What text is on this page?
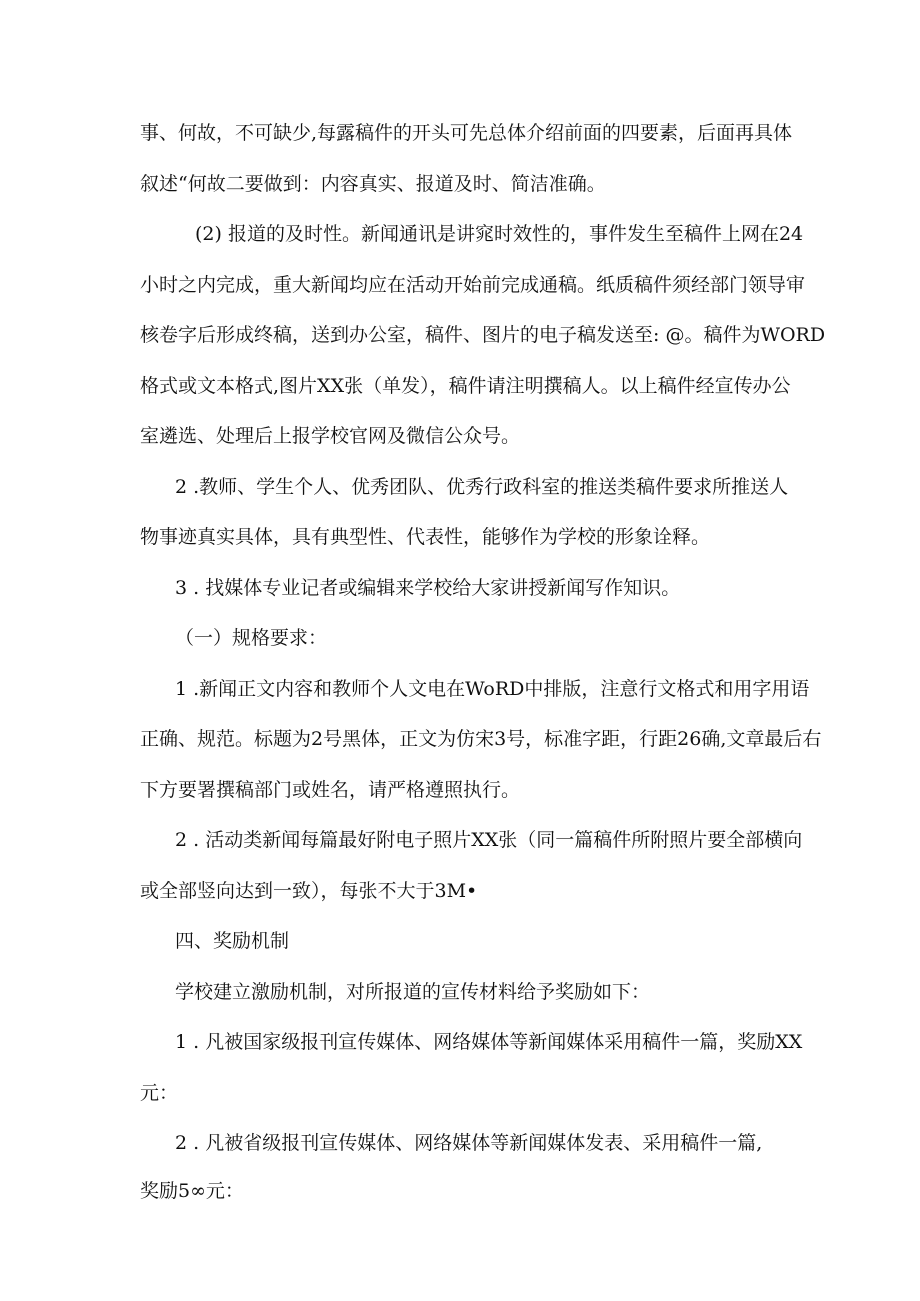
事、何故，不可缺少,每露稿件的开头可先总体介绍前面的四要素，后面再具体
叙述“何故二要做到：内容真实、报道及时、简洁准确。
(2) 报道的及时性。新闻通讯是讲窕时效性的，事件发生至稿件上网在24
小时之内完成，重大新闻均应在活动开始前完成通稿。纸质稿件须经部门领导审
核卷字后形成终稿，送到办公室，稿件、图片的电子稿发送至: @。稿件为WORD
格式或文本格式,图片XX张（单发），稿件请注明撰稿人。以上稿件经宣传办公
室遴选、处理后上报学校官网及微信公众号。
2 .教师、学生个人、优秀团队、优秀行政科室的推送类稿件要求所推送人
物事迹真实具体，具有典型性、代表性，能够作为学校的形象诠释。
3 . 找媒体专业记者或编辑来学校给大家讲授新闻写作知识。
（一）规格要求：
1 .新闻正文内容和教师个人文电在WoRD中排版，注意行文格式和用字用语
正确、规范。标题为2号黑体，正文为仿宋3号，标准字距，行距26确,文章最后右
下方要署撰稿部门或姓名，请严格遵照执行。
2 . 活动类新闻每篇最好附电子照片XX张（同一篇稿件所附照片要全部横向
或全部竖向达到一致），每张不大于3M•
四、奖励机制
学校建立激励机制，对所报道的宣传材料给予奖励如下：
1 . 凡被国家级报刊宣传媒体、网络媒体等新闻媒体采用稿件一篇，奖励XX
元：
2 . 凡被省级报刊宣传媒体、网络媒体等新闻媒体发表、采用稿件一篇,
奖励5∞元：
